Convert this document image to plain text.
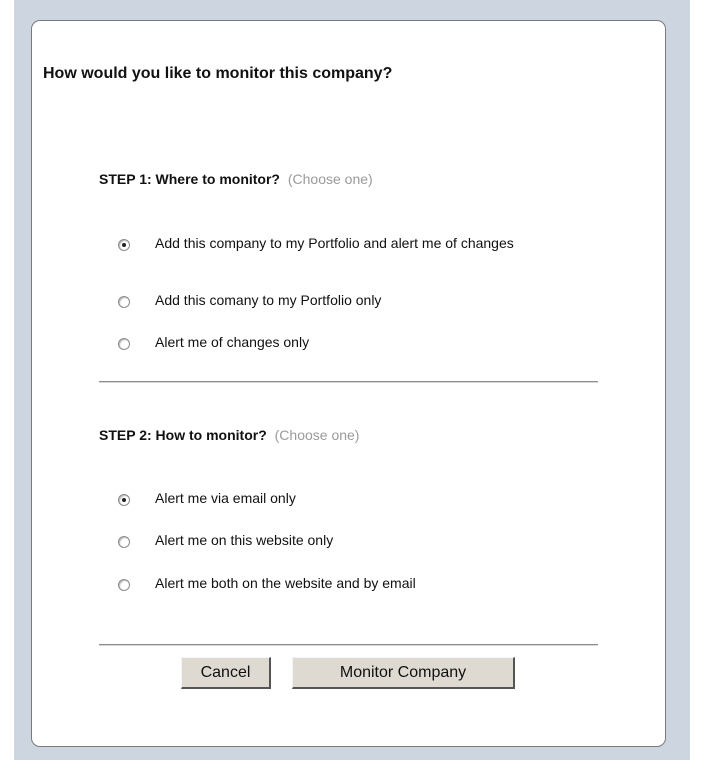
How would you like to monitor this company?
STEP 1: Where to monitor? (Choose one)
Add this company to my Portfolio and alert me of changes
Add this comany to my Portfolio only
Alert me of changes only
STEP 2: How to monitor? (Choose one)
Alert me via email only
Alert me on this website only
Alert me both on the website and by email
Cancel	Monitor Company
